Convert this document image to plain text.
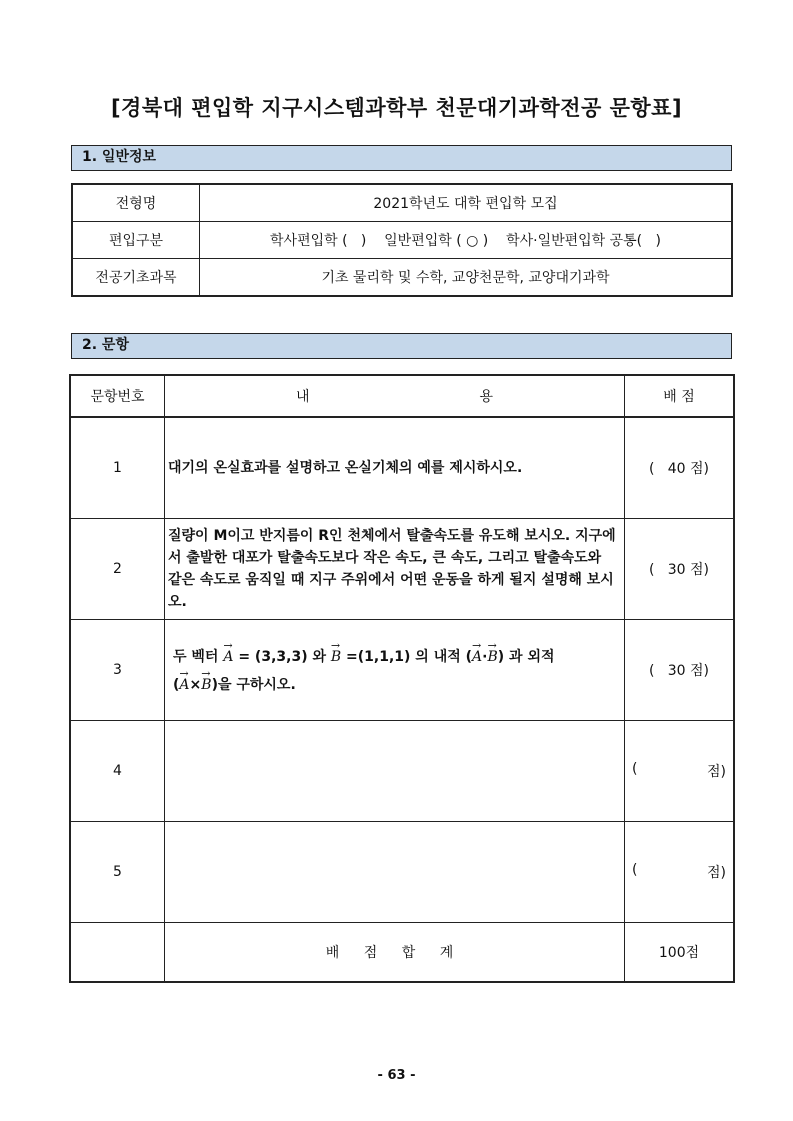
[경북대 편입학 지구시스템과학부 천문대기과학전공 문항표]
1. 일반정보
전형명	2021학년도 대학 편입학 모집
편입구분	학사편입학 (   )    일반편입학 ( ○ )    학사·일반편입학 공통(   )
전공기초과목	기초 물리학 및 수학, 교양천문학, 교양대기과학
2. 문항
문항번호	내 용	배 점
1	대기의 온실효과를 설명하고 온실기체의 예를 제시하시오.	(   40 점)
2	질량이 M이고 반지름이 R인 천체에서 탈출속도를 유도해 보시오. 지구에서 출발한 대포가 탈출속도보다 작은 속도, 큰 속도, 그리고 탈출속도와 같은 속도로 움직일 때 지구 주위에서 어떤 운동을 하게 될지 설명해 보시오.	(   30 점)
3	두 벡터 → A = (3,3,3) 와 → B =(1,1,1) 의 내적 (→ A·→ B) 과 외적
(→ A×→ B)을 구하시오.	(   30 점)
4		( 점)

5		( 점)

	배 점 합 계	100점
- 63 -
